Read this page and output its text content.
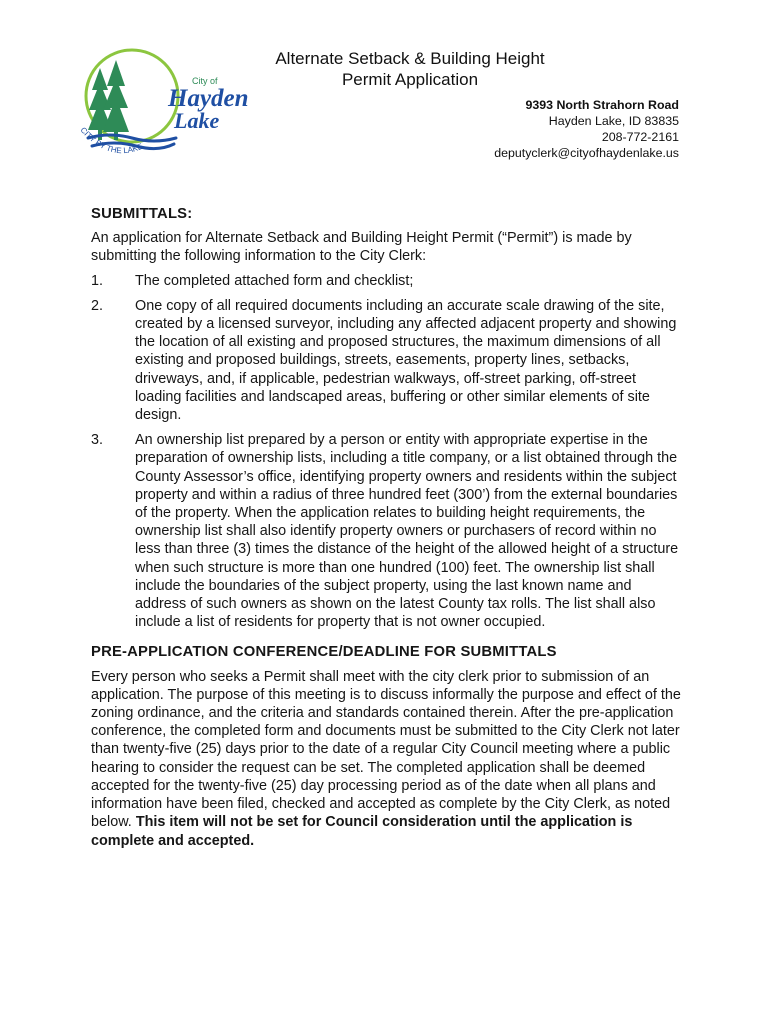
City of
Hayden
Lake
CITY BY THE LAKE
Alternate Setback & Building Height
Permit Application
9393 North Strahorn Road
Hayden Lake, ID 83835
208-772-2161
deputyclerk@cityofhaydenlake.us

SUBMITTALS:

An application for Alternate Setback and Building Height Permit (“Permit”) is made by submitting the following information to the City Clerk:

1.	The completed attached form and checklist;
2.	One copy of all required documents including an accurate scale drawing of the site, created by a licensed surveyor, including any affected adjacent property and showing the location of all existing and proposed structures, the maximum dimensions of all existing and proposed buildings, streets, easements, property lines, setbacks, driveways, and, if applicable, pedestrian walkways, off-street parking, off-street loading facilities and landscaped areas, buffering or other similar elements of site design.
3.	An ownership list prepared by a person or entity with appropriate expertise in the preparation of ownership lists, including a title company, or a list obtained through the County Assessor’s office, identifying property owners and residents within the subject property and within a radius of three hundred feet (300’) from the external boundaries of the property. When the application relates to building height requirements, the ownership list shall also identify property owners or purchasers of record within no less than three (3) times the distance of the height of the allowed height of a structure when such structure is more than one hundred (100) feet. The ownership list shall include the boundaries of the subject property, using the last known name and address of such owners as shown on the latest County tax rolls. The list shall also include a list of residents for property that is not owner occupied.

PRE-APPLICATION CONFERENCE/DEADLINE FOR SUBMITTALS

Every person who seeks a Permit shall meet with the city clerk prior to submission of an application. The purpose of this meeting is to discuss informally the purpose and effect of the zoning ordinance, and the criteria and standards contained therein. After the pre-application conference, the completed form and documents must be submitted to the City Clerk not later than twenty-five (25) days prior to the date of a regular City Council meeting where a public hearing to consider the request can be set. The completed application shall be deemed accepted for the twenty-five (25) day processing period as of the date when all plans and information have been filed, checked and accepted as complete by the City Clerk, as noted below. This item will not be set for Council consideration until the application is complete and accepted.
